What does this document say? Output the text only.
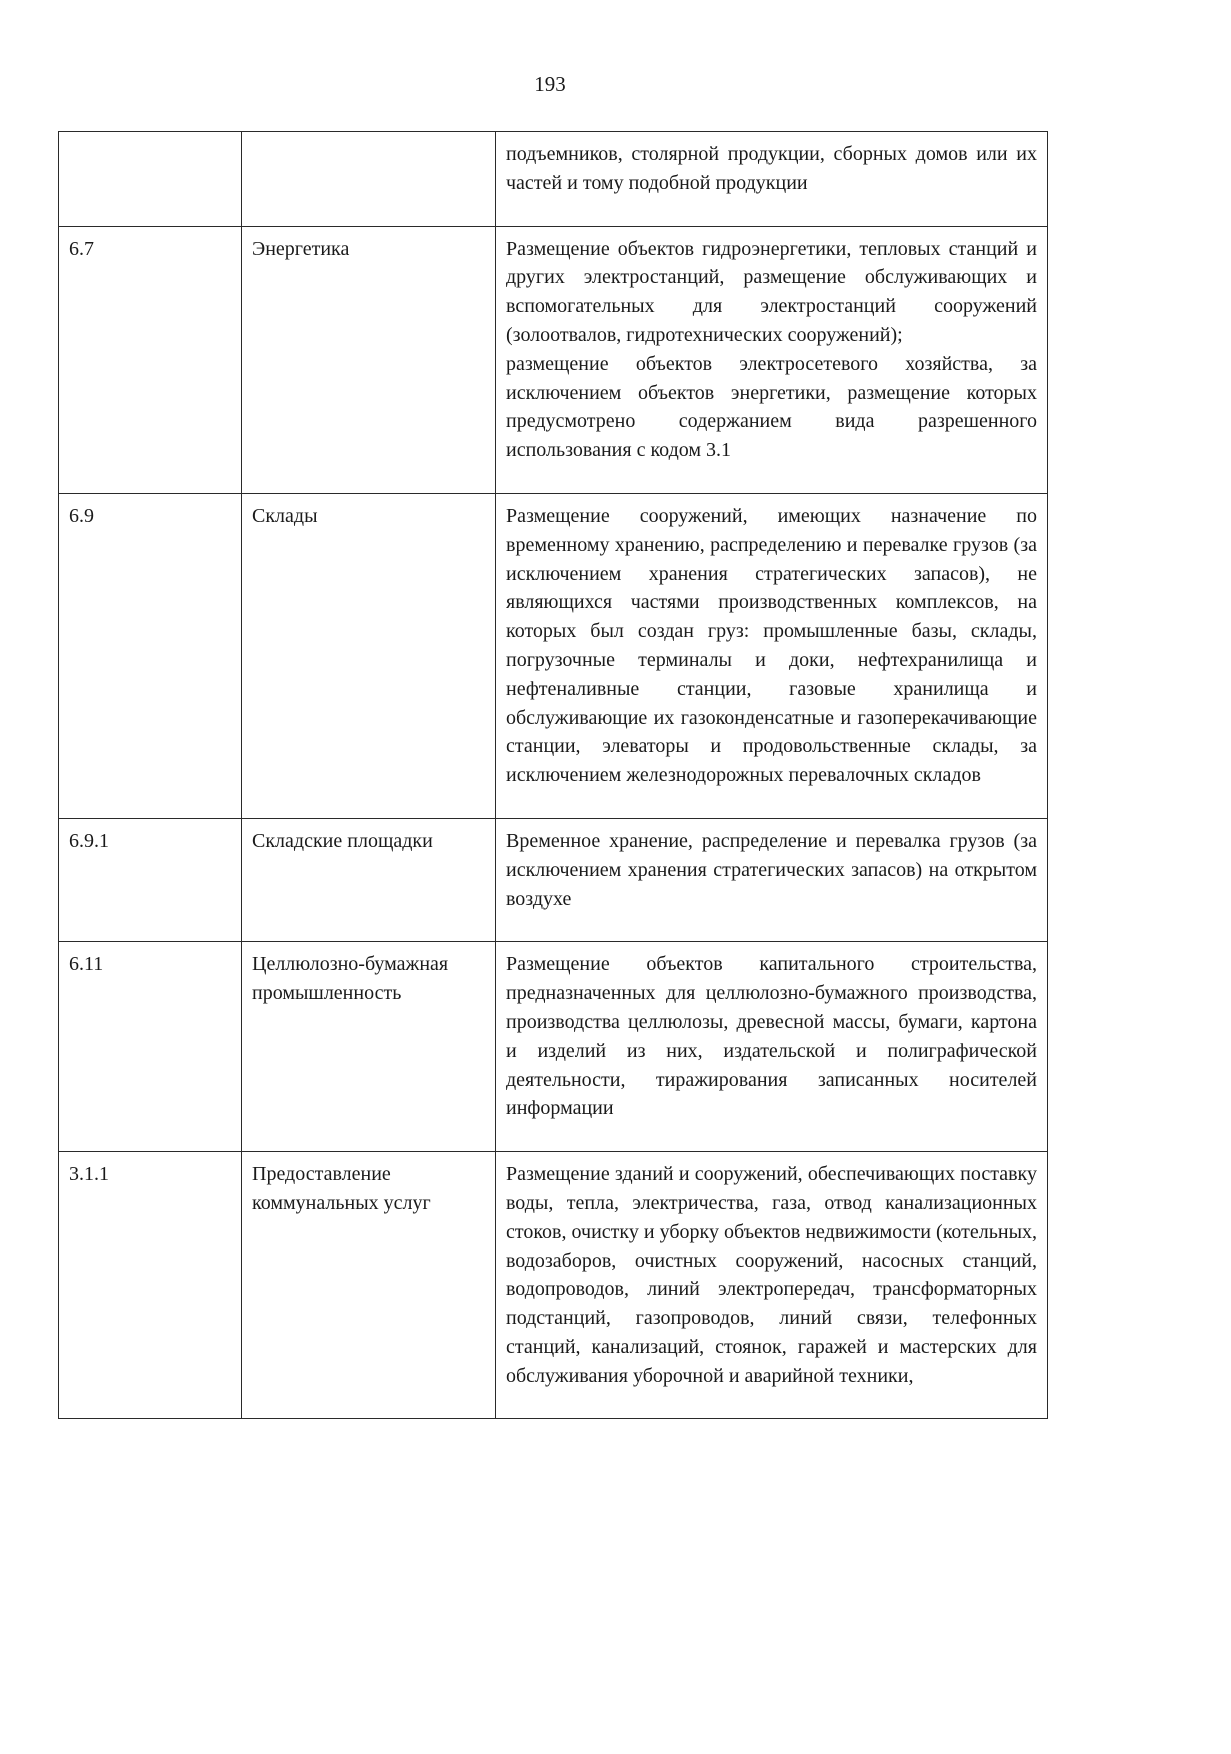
193

		подъемников, столярной продукции, сборных домов или их частей и тому подобной продукции

6.7	Энергетика	Размещение объектов гидроэнергетики, тепловых станций и других электростанций, размещение обслуживающих и вспомогательных для электростанций сооружений (золоотвалов, гидротехнических сооружений);

размещение объектов электросетевого хозяйства, за исключением объектов энергетики, размещение которых предусмотрено содержанием вида разрешенного использования с кодом 3.1

6.9	Склады	Размещение сооружений, имеющих назначение по временному хранению, распределению и перевалке грузов (за исключением хранения стратегических запасов), не являющихся частями производственных комплексов, на которых был создан груз: промышленные базы, склады, погрузочные терминалы и доки, нефтехранилища и нефтеналивные станции, газовые хранилища и обслуживающие их газоконденсатные и газоперекачивающие станции, элеваторы и продовольственные склады, за исключением железнодорожных перевалочных складов

6.9.1	Складские площадки	Временное хранение, распределение и перевалка грузов (за исключением хранения стратегических запасов) на открытом воздухе

6.11	Целлюлозно-бумажная промышленность	Размещение объектов капитального строительства, предназначенных для целлюлозно-бумажного производства, производства целлюлозы, древесной массы, бумаги, картона и изделий из них, издательской и полиграфической деятельности, тиражирования записанных носителей информации

3.1.1	Предоставление коммунальных услуг	Размещение зданий и сооружений, обеспечивающих поставку воды, тепла, электричества, газа, отвод канализационных стоков, очистку и уборку объектов недвижимости (котельных, водозаборов, очистных сооружений, насосных станций, водопроводов, линий электропередач, трансформаторных подстанций, газопроводов, линий связи, телефонных станций, канализаций, стоянок, гаражей и мастерских для обслуживания уборочной и аварийной техники,
